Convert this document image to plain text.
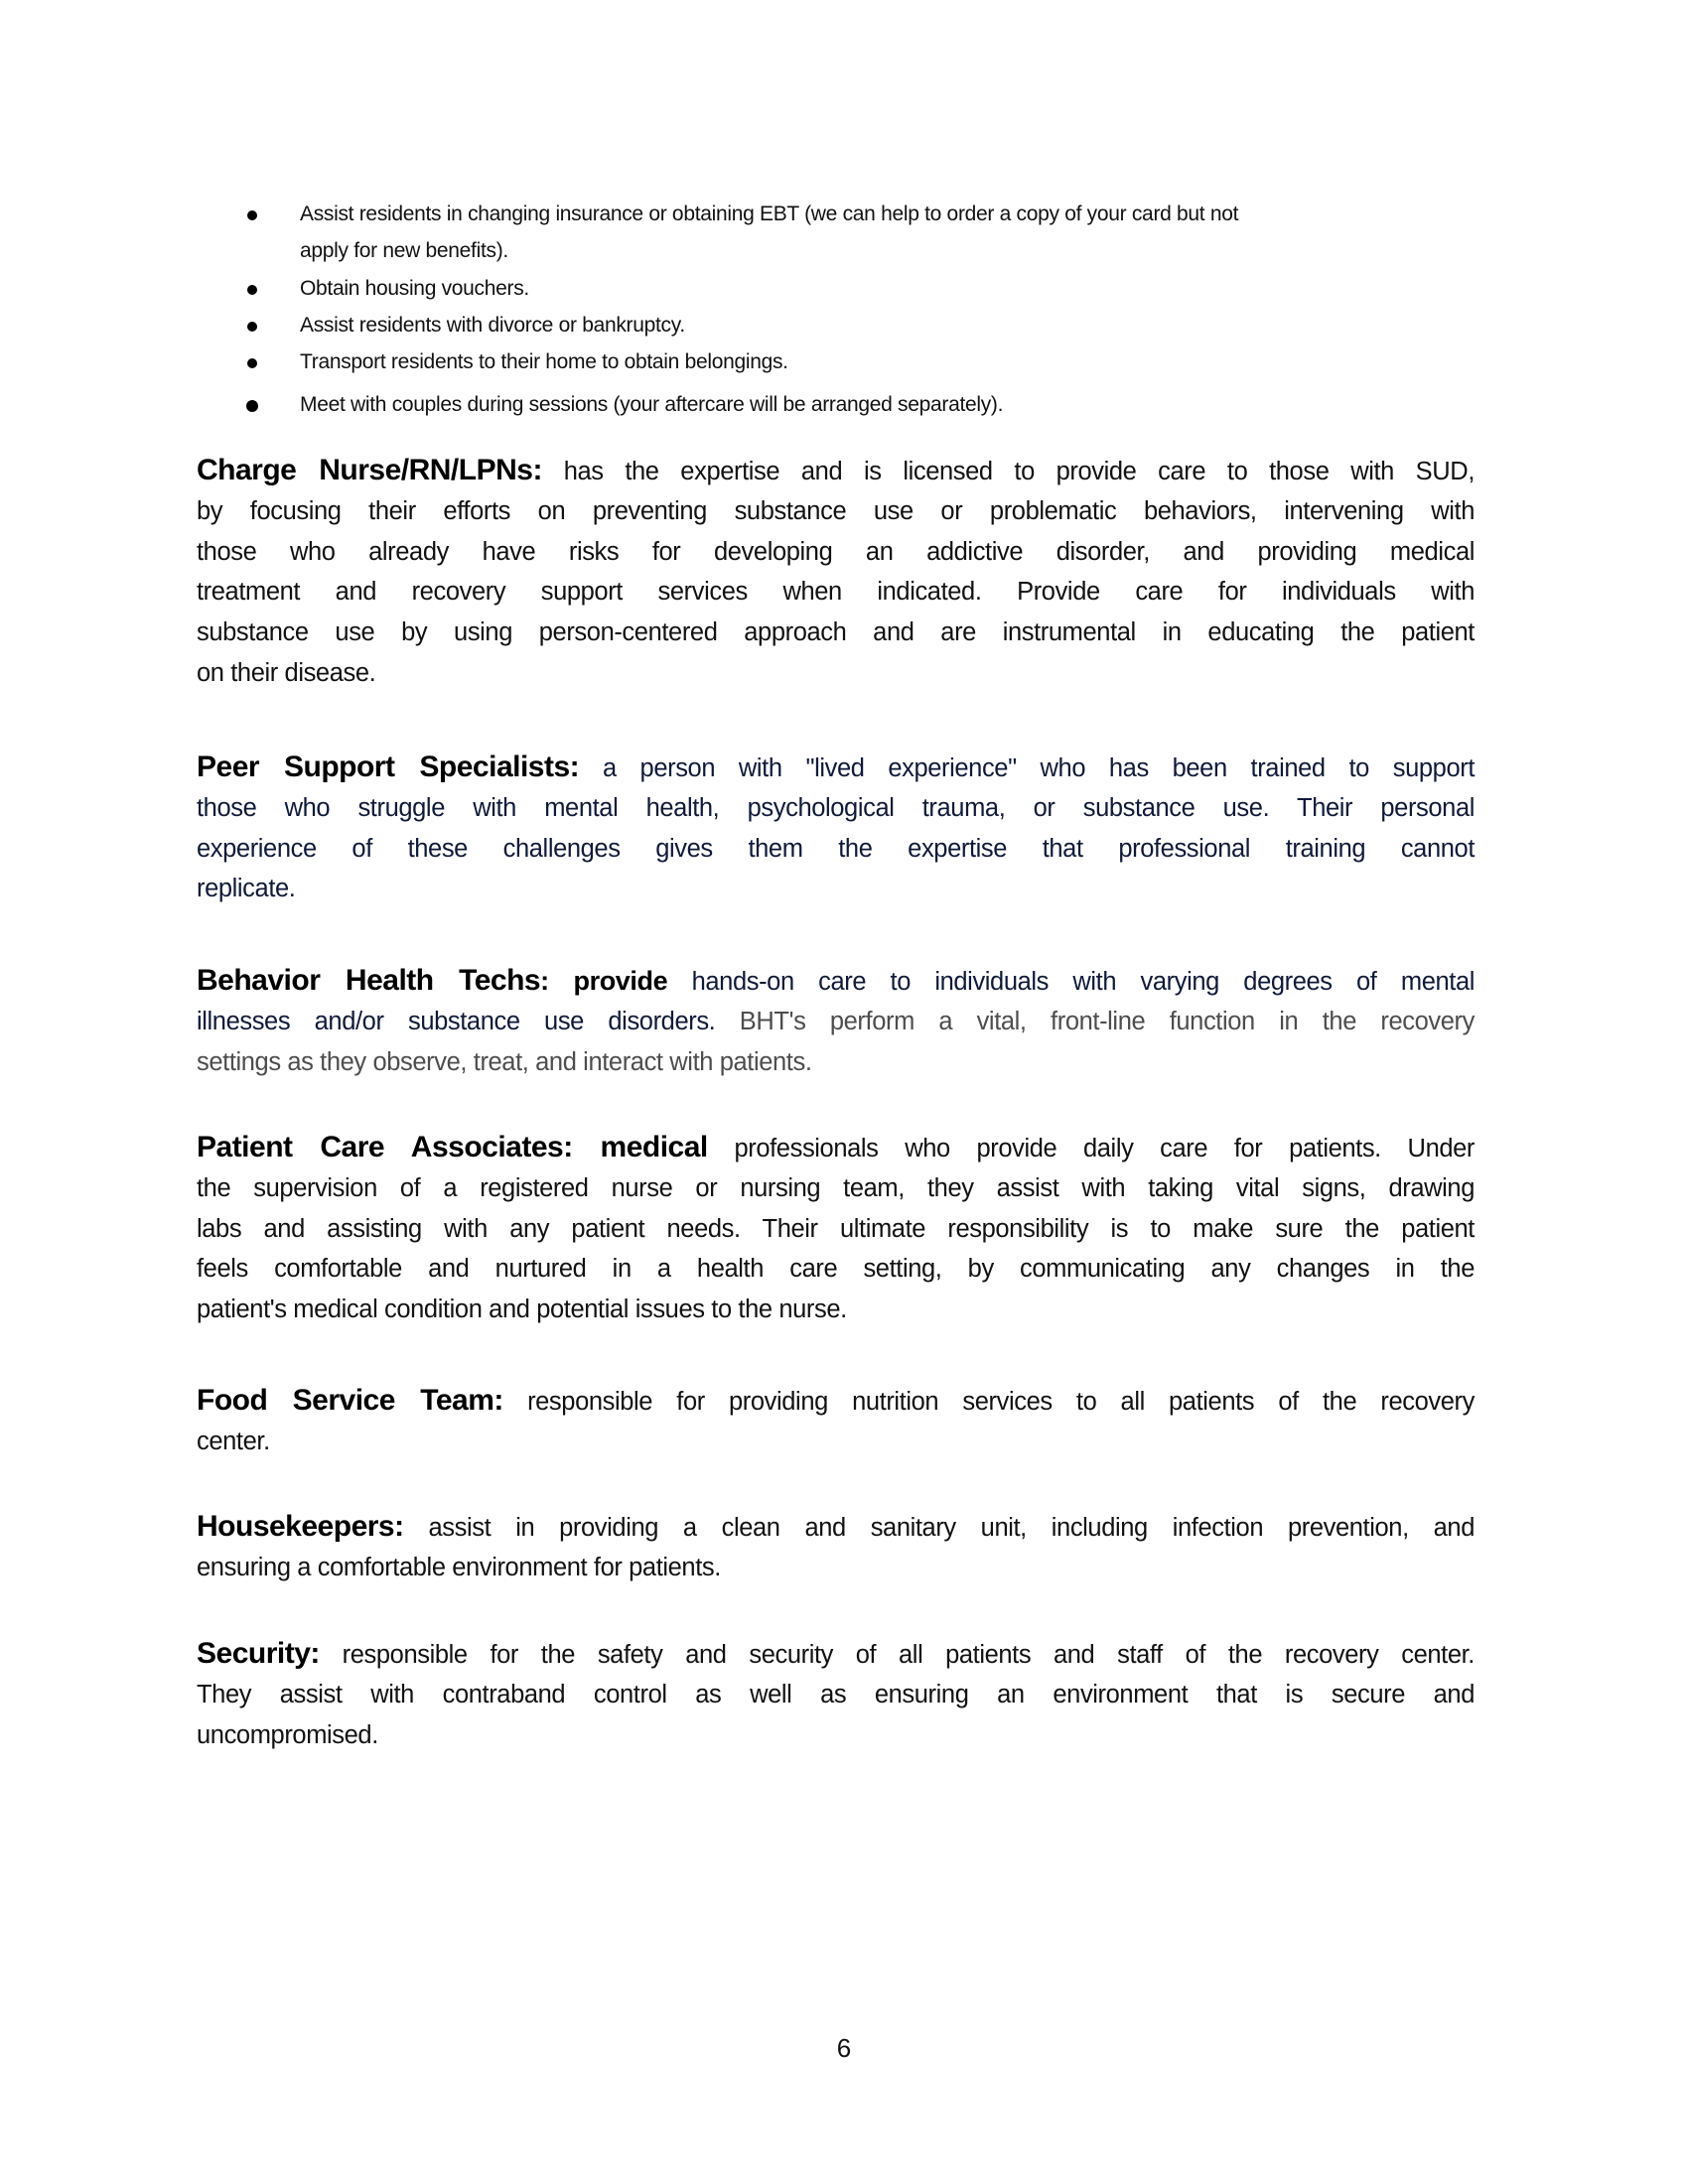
Assist residents in changing insurance or obtaining EBT (we can help to order a copy of your card but not
apply for new benefits).
Obtain housing vouchers.
Assist residents with divorce or bankruptcy.
Transport residents to their home to obtain belongings.
Meet with couples during sessions (your aftercare will be arranged separately).
Charge Nurse/RN/LPNs: has the expertise and is licensed to provide care to those with SUD,
by focusing their efforts on preventing substance use or problematic behaviors, intervening with
those who already have risks for developing an addictive disorder, and providing medical
treatment and recovery support services when indicated. Provide care for individuals with
substance use by using person-centered approach and are instrumental in educating the patient
on their disease.
Peer Support Specialists: a person with "lived experience" who has been trained to support
those who struggle with mental health, psychological trauma, or substance use. Their personal
experience of these challenges gives them the expertise that professional training cannot
replicate.
Behavior Health Techs: provide hands-on care to individuals with varying degrees of mental
illnesses and/or substance use disorders. BHT's perform a vital, front-line function in the recovery
settings as they observe, treat, and interact with patients.
Patient Care Associates: medical professionals who provide daily care for patients. Under
the supervision of a registered nurse or nursing team, they assist with taking vital signs, drawing
labs and assisting with any patient needs. Their ultimate responsibility is to make sure the patient
feels comfortable and nurtured in a health care setting, by communicating any changes in the
patient's medical condition and potential issues to the nurse.
Food Service Team: responsible for providing nutrition services to all patients of the recovery
center.
Housekeepers: assist in providing a clean and sanitary unit, including infection prevention, and
ensuring a comfortable environment for patients.
Security: responsible for the safety and security of all patients and staff of the recovery center.
They assist with contraband control as well as ensuring an environment that is secure and
uncompromised.
6
